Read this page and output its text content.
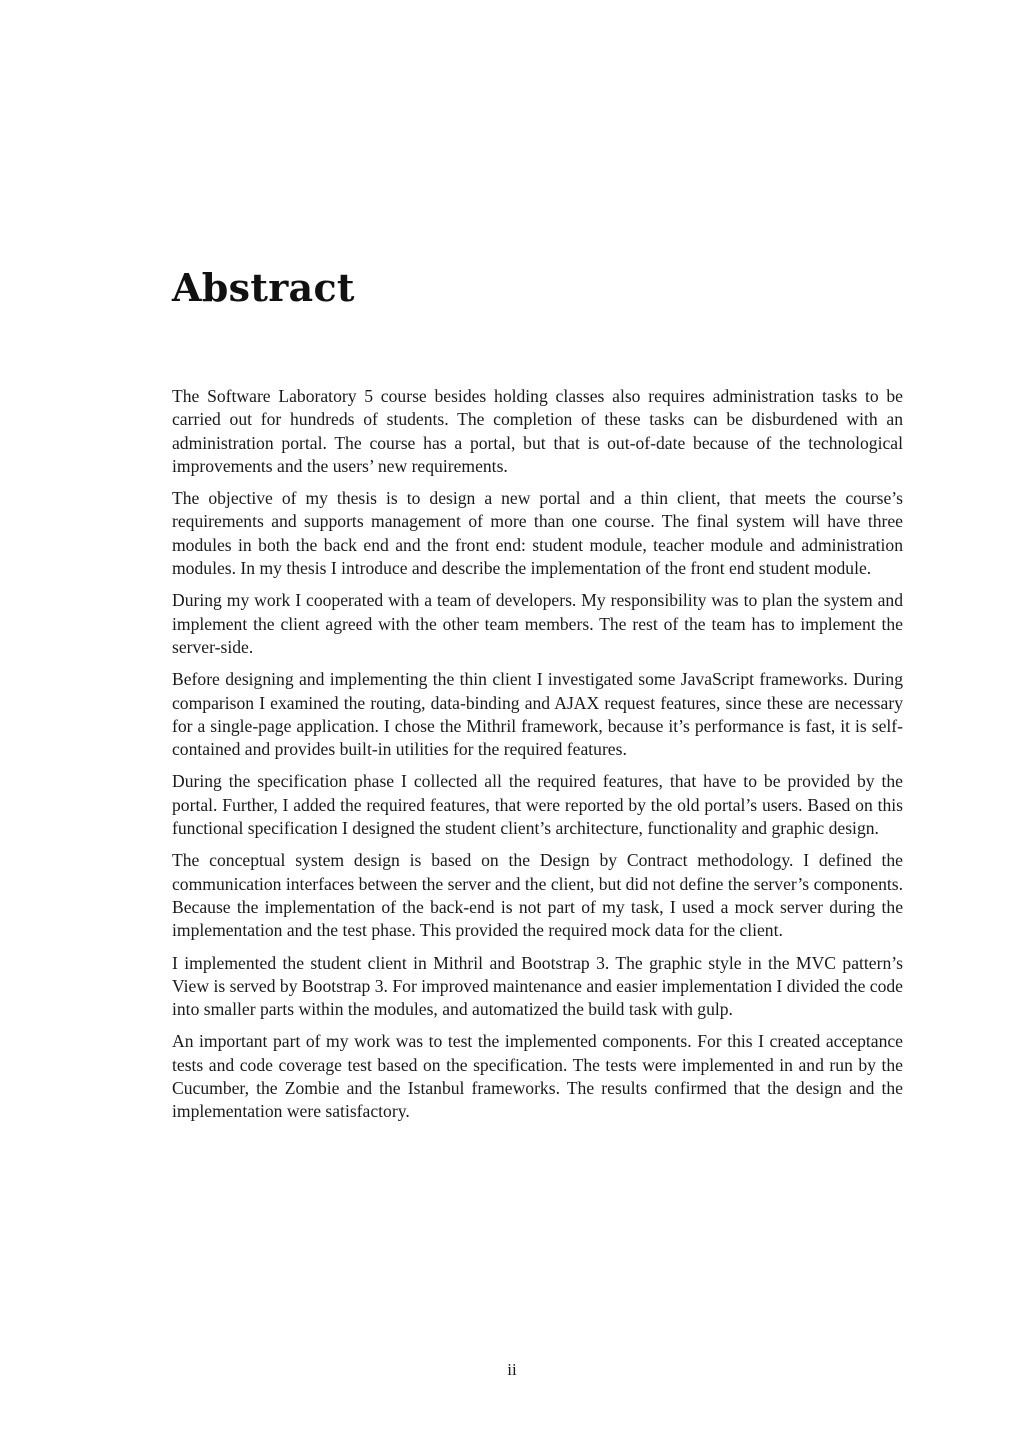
Abstract

The Software Laboratory 5 course besides holding classes also requires administration tasks to be carried out for hundreds of students. The completion of these tasks can be disburdened with an administration portal. The course has a portal, but that is out-of-date because of the technological improvements and the users’ new requirements.

The objective of my thesis is to design a new portal and a thin client, that meets the course’s requirements and supports management of more than one course. The final system will have three modules in both the back end and the front end: student module, teacher module and administration modules. In my thesis I introduce and describe the implementation of the front end student module.

During my work I cooperated with a team of developers. My responsibility was to plan the system and implement the client agreed with the other team members. The rest of the team has to implement the server-side.

Before designing and implementing the thin client I investigated some JavaScript frameworks. During comparison I examined the routing, data-binding and AJAX request features, since these are necessary for a single-page application. I chose the Mithril framework, because it’s performance is fast, it is self-contained and provides built-in utilities for the required features.

During the specification phase I collected all the required features, that have to be provided by the portal. Further, I added the required features, that were reported by the old portal’s users. Based on this functional specification I designed the student client’s architecture, functionality and graphic design.

The conceptual system design is based on the Design by Contract methodology. I defined the communication interfaces between the server and the client, but did not define the server’s components. Because the implementation of the back-end is not part of my task, I used a mock server during the implementation and the test phase. This provided the required mock data for the client.

I implemented the student client in Mithril and Bootstrap 3. The graphic style in the MVC pattern’s View is served by Bootstrap 3. For improved maintenance and easier implementation I divided the code into smaller parts within the modules, and automatized the build task with gulp.

An important part of my work was to test the implemented components. For this I created acceptance tests and code coverage test based on the specification. The tests were implemented in and run by the Cucumber, the Zombie and the Istanbul frameworks. The results confirmed that the design and the implementation were satisfactory.

ii
